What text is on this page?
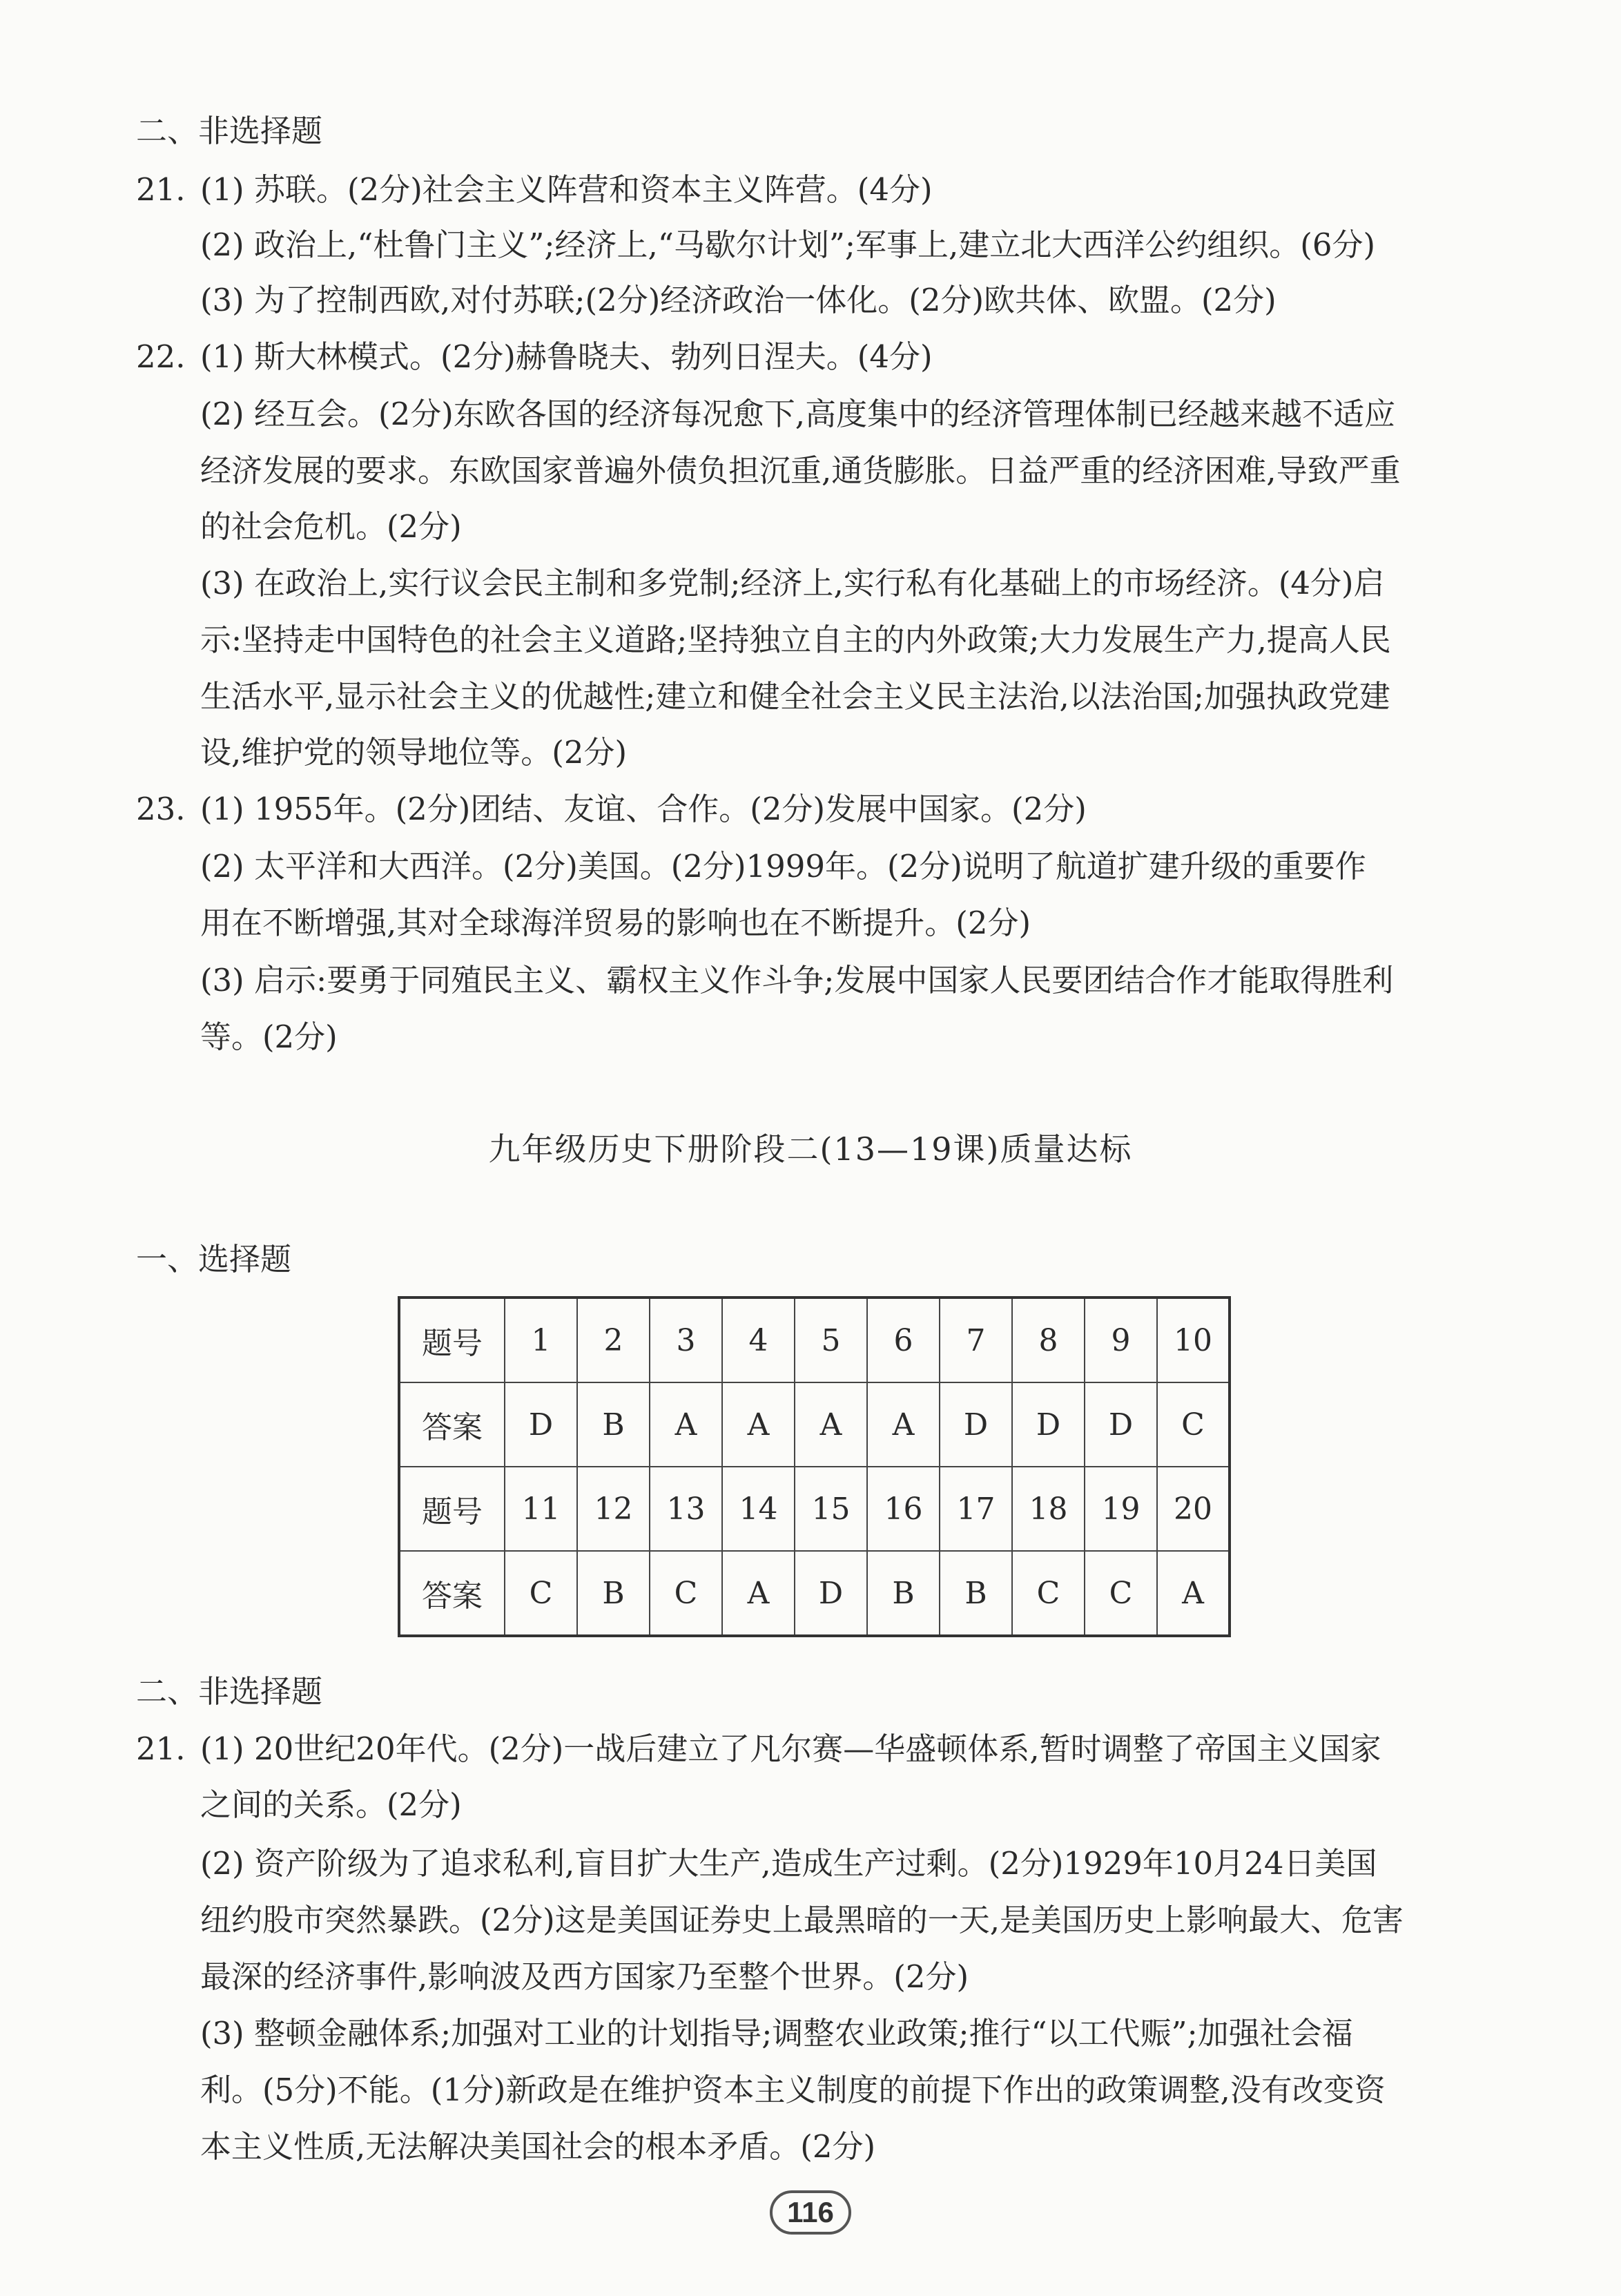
二、非选择题
21. (1) 苏联。(2分)社会主义阵营和资本主义阵营。(4分)
(2) 政治上,“杜鲁门主义”;经济上,“马歇尔计划”;军事上,建立北大西洋公约组织。(6分)
(3) 为了控制西欧,对付苏联;(2分)经济政治一体化。(2分)欧共体、欧盟。(2分)
22. (1) 斯大林模式。(2分)赫鲁晓夫、勃列日涅夫。(4分)
(2) 经互会。(2分)东欧各国的经济每况愈下,高度集中的经济管理体制已经越来越不适应
经济发展的要求。东欧国家普遍外债负担沉重,通货膨胀。日益严重的经济困难,导致严重
的社会危机。(2分)
(3) 在政治上,实行议会民主制和多党制;经济上,实行私有化基础上的市场经济。(4分)启
示:坚持走中国特色的社会主义道路;坚持独立自主的内外政策;大力发展生产力,提高人民
生活水平,显示社会主义的优越性;建立和健全社会主义民主法治,以法治国;加强执政党建
设,维护党的领导地位等。(2分)
23. (1) 1955年。(2分)团结、友谊、合作。(2分)发展中国家。(2分)
(2) 太平洋和大西洋。(2分)美国。(2分)1999年。(2分)说明了航道扩建升级的重要作
用在不断增强,其对全球海洋贸易的影响也在不断提升。(2分)
(3) 启示:要勇于同殖民主义、霸权主义作斗争;发展中国家人民要团结合作才能取得胜利
等。(2分)
九年级历史下册阶段二(13—19课)质量达标
一、选择题
题号	1	2	3	4	5	6	7	8	9	10
答案	D	B	A	A	A	A	D	D	D	C
题号	11	12	13	14	15	16	17	18	19	20
答案	C	B	C	A	D	B	B	C	C	A
二、非选择题
21. (1) 20世纪20年代。(2分)一战后建立了凡尔赛—华盛顿体系,暂时调整了帝国主义国家
之间的关系。(2分)
(2) 资产阶级为了追求私利,盲目扩大生产,造成生产过剩。(2分)1929年10月24日美国
纽约股市突然暴跌。(2分)这是美国证券史上最黑暗的一天,是美国历史上影响最大、危害
最深的经济事件,影响波及西方国家乃至整个世界。(2分)
(3) 整顿金融体系;加强对工业的计划指导;调整农业政策;推行“以工代赈”;加强社会福
利。(5分)不能。(1分)新政是在维护资本主义制度的前提下作出的政策调整,没有改变资
本主义性质,无法解决美国社会的根本矛盾。(2分)
116
